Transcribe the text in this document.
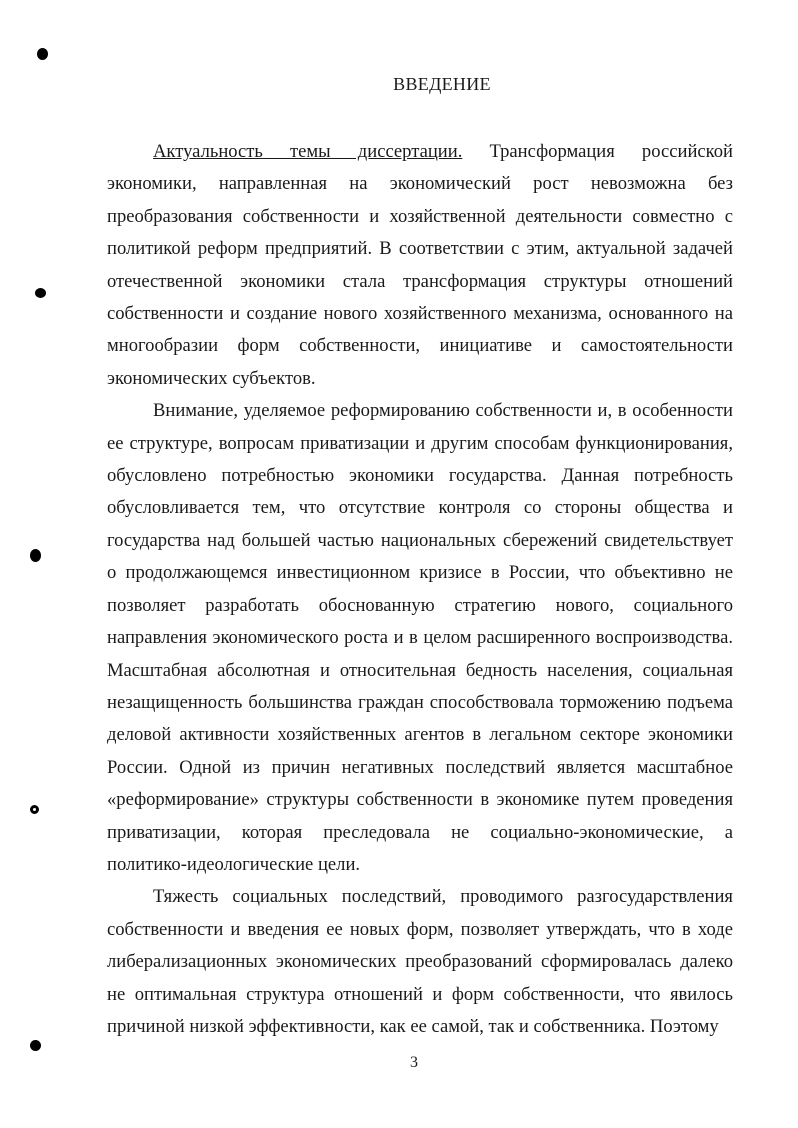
ВВЕДЕНИЕ

Актуальность темы диссертации. Трансформация российской экономики, направленная на экономический рост невозможна без преобразования собственности и хозяйственной деятельности совместно с политикой реформ предприятий. В соответствии с этим, актуальной задачей отечественной экономики стала трансформация структуры отношений собственности и создание нового хозяйственного механизма, основанного на многообразии форм собственности, инициативе и самостоятельности экономических субъектов.

Внимание, уделяемое реформированию собственности и, в особенности ее структуре, вопросам приватизации и другим способам функционирования, обусловлено потребностью экономики государства. Данная потребность обусловливается тем, что отсутствие контроля со стороны общества и государства над большей частью национальных сбережений свидетельствует о продолжающемся инвестиционном кризисе в России, что объективно не позволяет разработать обоснованную стратегию нового, социального направления экономического роста и в целом расширенного воспроизводства. Масштабная абсолютная и относительная бедность населения, социальная незащищенность большинства граждан способствовала торможению подъема деловой активности хозяйственных агентов в легальном секторе экономики России. Одной из причин негативных последствий является масштабное «реформирование» структуры собственности в экономике путем проведения приватизации, которая преследовала не социально-экономические, а политико-идеологические цели.

Тяжесть социальных последствий, проводимого разгосударствления собственности и введения ее новых форм, позволяет утверждать, что в ходе либерализационных экономических преобразований сформировалась далеко не оптимальная структура отношений и форм собственности, что явилось причиной низкой эффективности, как ее самой, так и собственника. Поэтому

3
